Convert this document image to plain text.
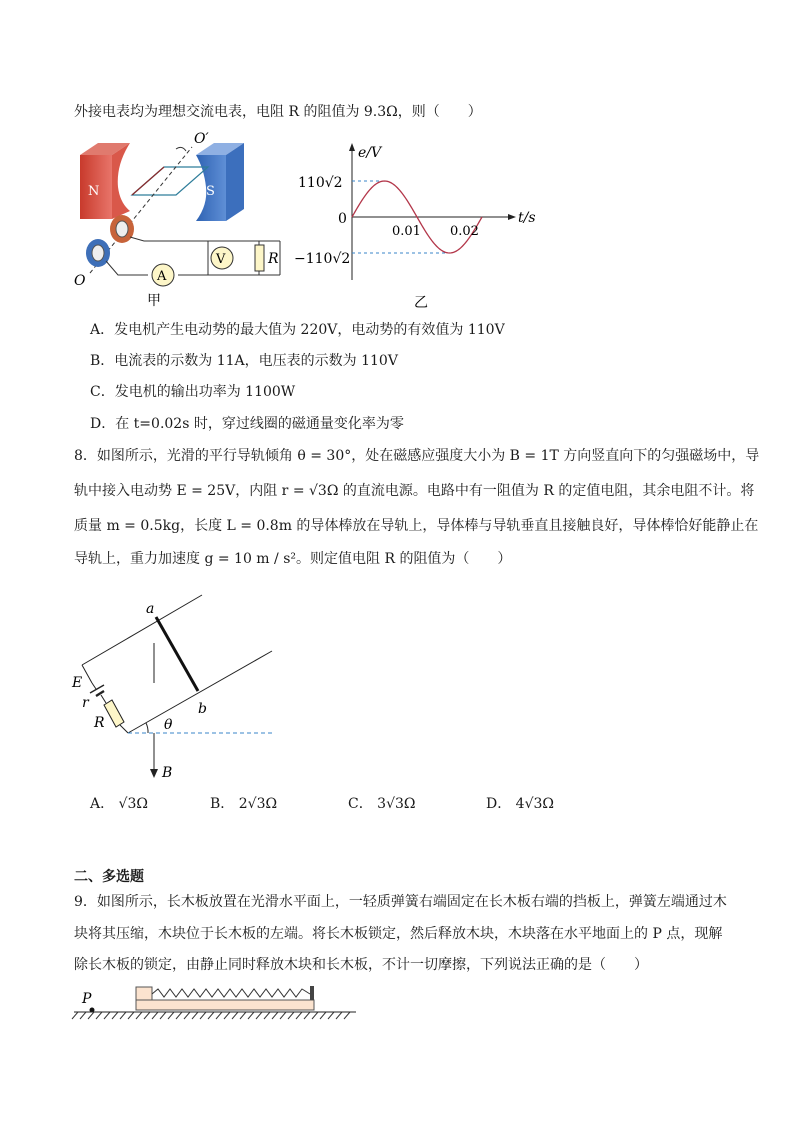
外接电表均为理想交流电表，电阻 R 的阻值为 9.3Ω，则（　　）
N	S
O′
O	A
V	R
甲
e/V
t/s
0
110√2
−110√2
0.01 0.02
乙
A．发电机产生电动势的最大值为 220V，电动势的有效值为 110V
B．电流表的示数为 11A，电压表的示数为 110V
C．发电机的输出功率为 1100W
D．在 t=0.02s 时，穿过线圈的磁通量变化率为零
8．如图所示，光滑的平行导轨倾角 θ = 30°，处在磁感应强度大小为 B = 1T 方向竖直向下的匀强磁场中，导
轨中接入电动势 E = 25V，内阻 r = √3Ω 的直流电源。电路中有一阻值为 R 的定值电阻，其余电阻不计。将
质量 m = 0.5kg，长度 L = 0.8m 的导体棒放在导轨上，导体棒与导轨垂直且接触良好，导体棒恰好能静止在
导轨上，重力加速度 g = 10 m / s²。则定值电阻 R 的阻值为（　　）
a
b
E
r
R	θ
B
A． √3Ω	B． 2√3Ω	C． 3√3Ω	D． 4√3Ω
二、多选题
9．如图所示，长木板放置在光滑水平面上，一轻质弹簧右端固定在长木板右端的挡板上，弹簧左端通过木
块将其压缩，木块位于长木板的左端。将长木板锁定，然后释放木块，木块落在水平地面上的 P 点，现解
除长木板的锁定，由静止同时释放木块和长木板，不计一切摩擦，下列说法正确的是（　　）
P
